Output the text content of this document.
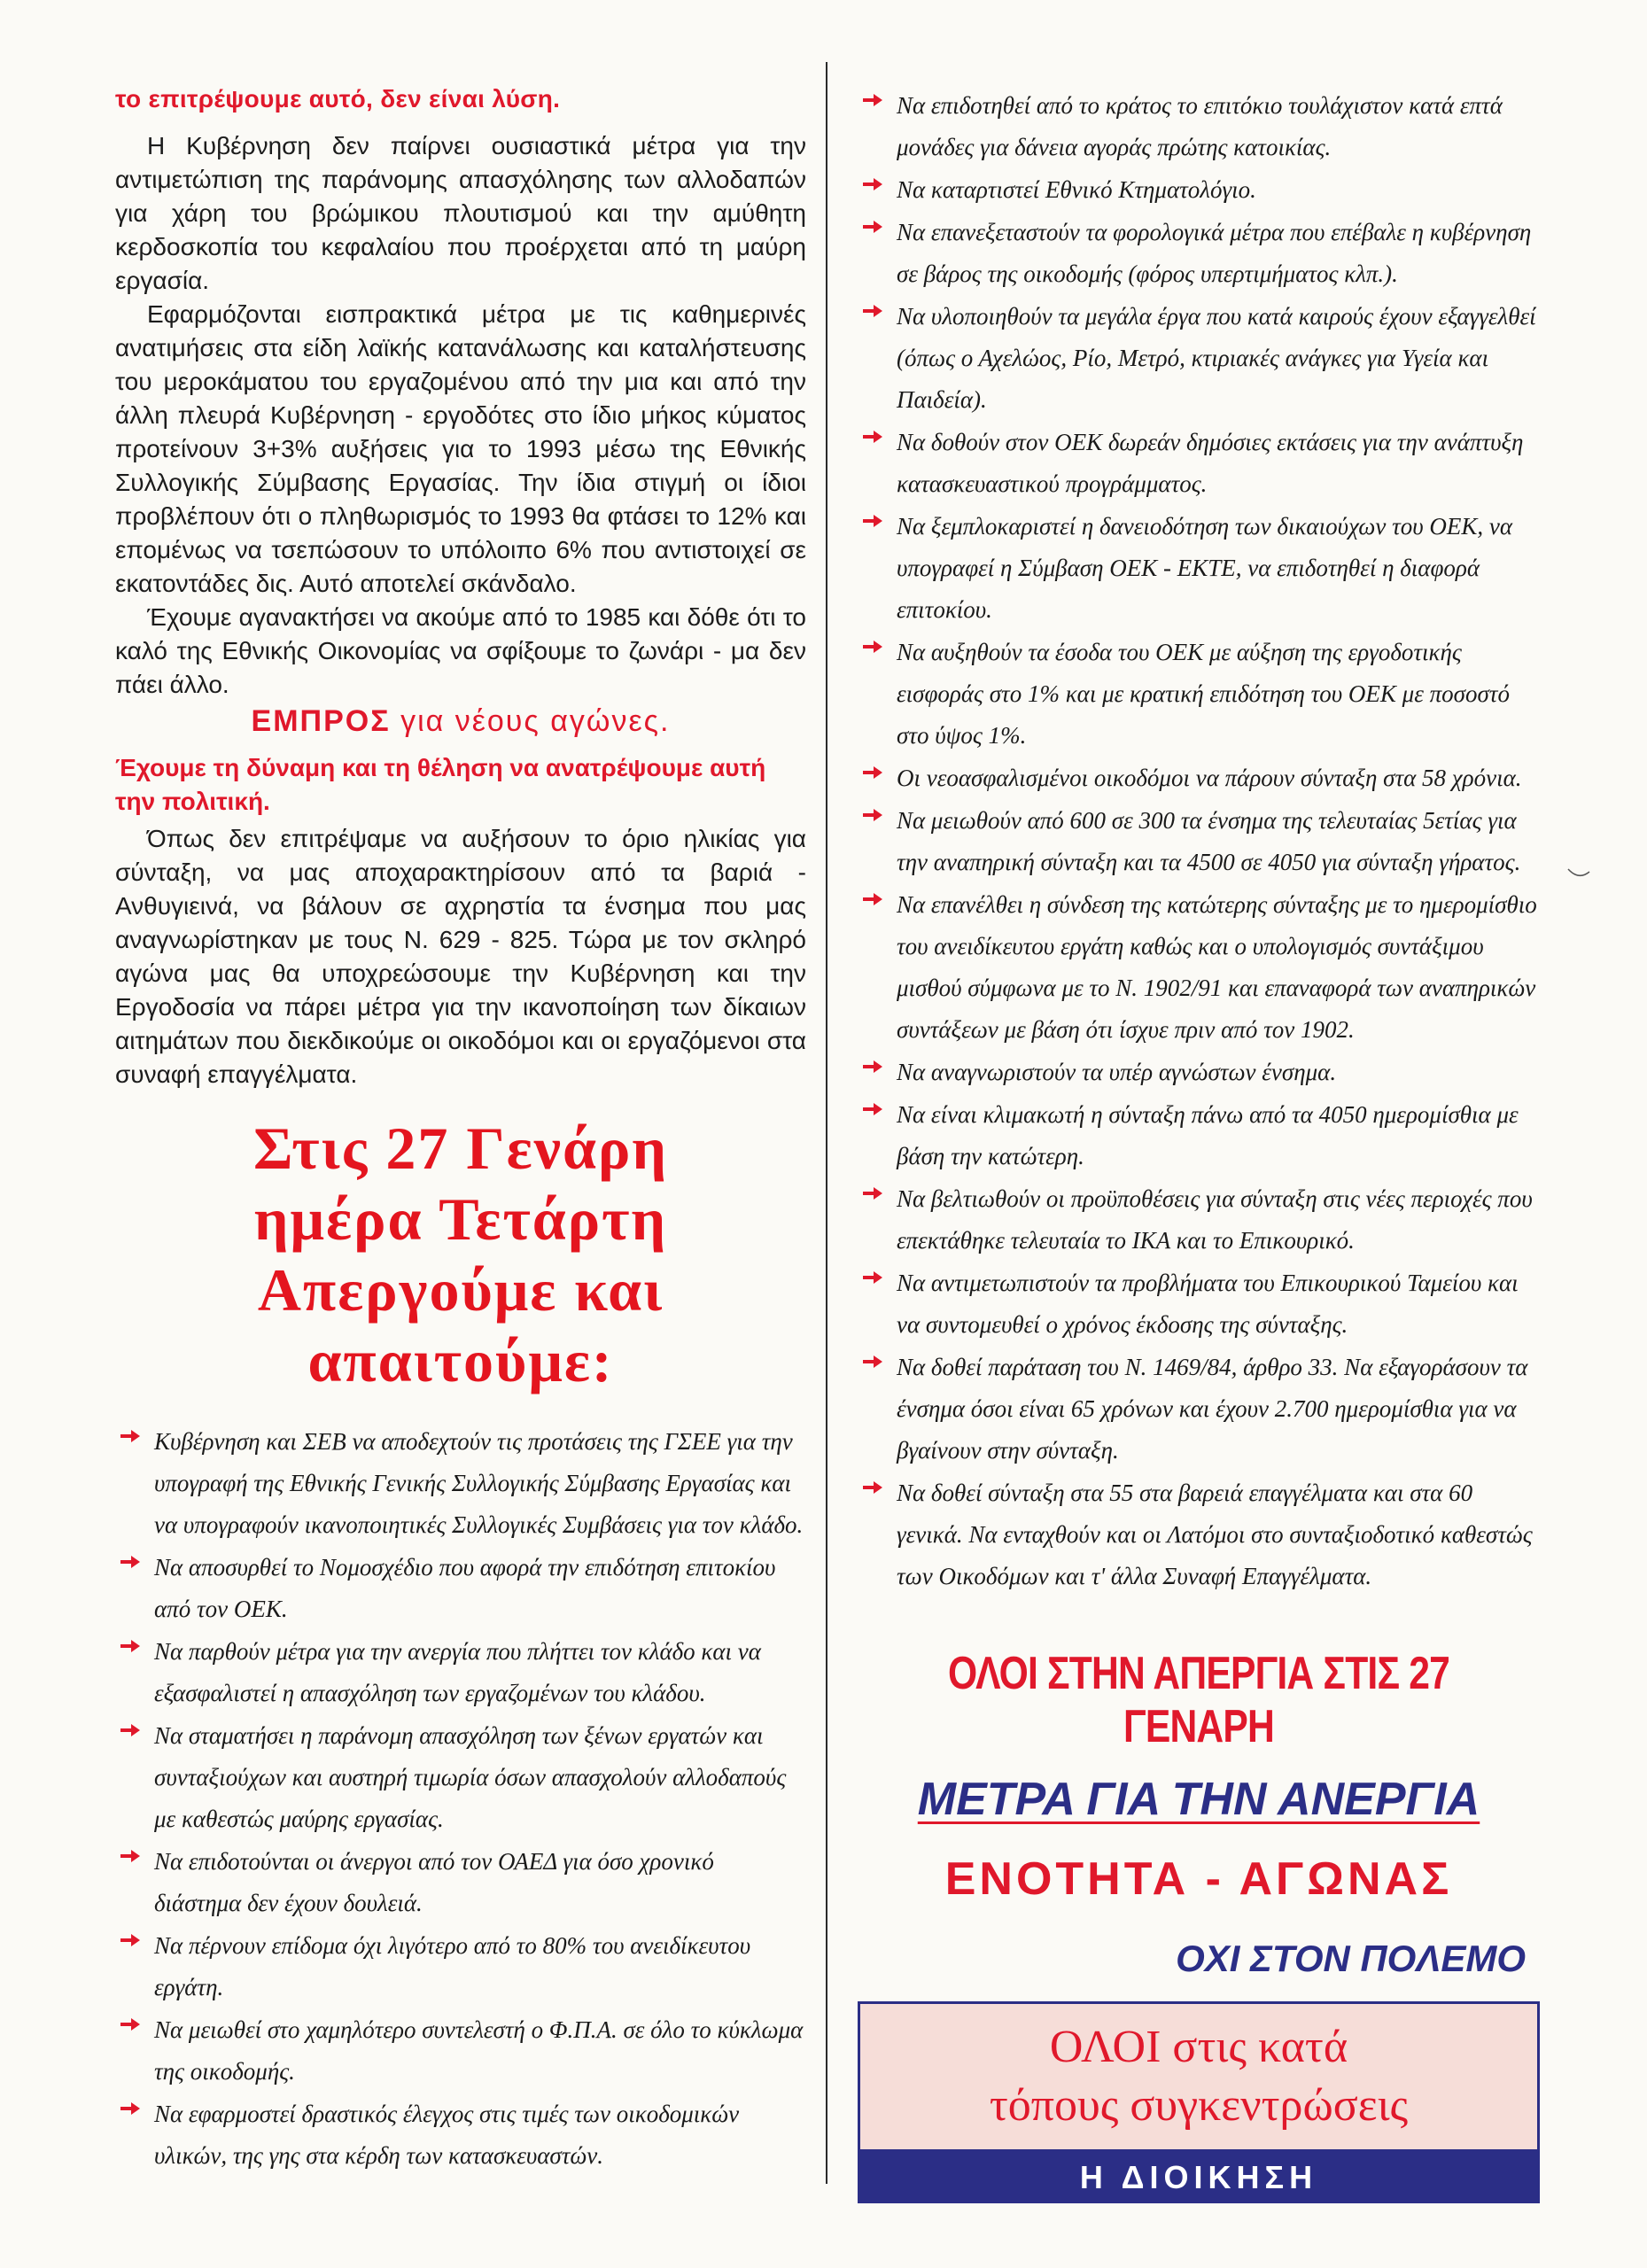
το επιτρέψουμε αυτό, δεν είναι λύση.

Η Κυβέρνηση δεν παίρνει ουσιαστικά μέτρα για την αντιμετώπιση της παράνομης απασχόλησης των αλλοδαπών για χάρη του βρώμικου πλουτισμού και την αμύθητη κερδοσκοπία του κεφαλαίου που προέρχεται από τη μαύρη εργασία.

Εφαρμόζονται εισπρακτικά μέτρα με τις καθημερινές ανατιμήσεις στα είδη λαϊκής κατανάλωσης και καταλήστευσης του μεροκάματου του εργαζομένου από την μια και από την άλλη πλευρά Κυβέρνηση - εργοδότες στο ίδιο μήκος κύματος προτείνουν 3+3% αυξήσεις για το 1993 μέσω της Εθνικής Συλλογικής Σύμβασης Εργασίας. Την ίδια στιγμή οι ίδιοι προβλέπουν ότι ο πληθωρισμός το 1993 θα φτάσει το 12% και επομένως να τσεπώσουν το υπόλοιπο 6% που αντιστοιχεί σε εκατοντάδες δις. Αυτό αποτελεί σκάνδαλο.

Έχουμε αγανακτήσει να ακούμε από το 1985 και δόθε ότι το καλό της Εθνικής Οικονομίας να σφίξουμε το ζωνάρι - μα δεν πάει άλλο.

ΕΜΠΡΟΣ για νέους αγώνες.

Έχουμε τη δύναμη και τη θέληση να ανατρέψουμε αυτή την πολιτική.

Όπως δεν επιτρέψαμε να αυξήσουν το όριο ηλικίας για σύνταξη, να μας αποχαρακτηρίσουν από τα βαριά - Ανθυγιεινά, να βάλουν σε αχρηστία τα ένσημα που μας αναγνωρίστηκαν με τους Ν. 629 - 825. Τώρα με τον σκληρό αγώνα μας θα υποχρεώσουμε την Κυβέρνηση και την Εργοδοσία να πάρει μέτρα για την ικανοποίηση των δίκαιων αιτημάτων που διεκδικούμε οι οικοδόμοι και οι εργαζόμενοι στα συναφή επαγγέλματα.

Στις 27 Γενάρη
ημέρα Τετάρτη
Απεργούμε και
απαιτούμε:
Κυβέρνηση και ΣΕΒ να αποδεχτούν τις προτάσεις της ΓΣΕΕ για την υπογραφή της Εθνικής Γενικής Συλλογικής Σύμβασης Εργασίας και να υπογραφούν ικανοποιητικές Συλλογικές Συμβάσεις για τον κλάδο.
Να αποσυρθεί το Νομοσχέδιο που αφορά την επιδότηση επιτοκίου από τον ΟΕΚ.
Να παρθούν μέτρα για την ανεργία που πλήττει τον κλάδο και να εξασφαλιστεί η απασχόληση των εργαζομένων του κλάδου.
Να σταματήσει η παράνομη απασχόληση των ξένων εργατών και συνταξιούχων και αυστηρή τιμωρία όσων απασχολούν αλλοδαπούς με καθεστώς μαύρης εργασίας.
Να επιδοτούνται οι άνεργοι από τον ΟΑΕΔ για όσο χρονικό διάστημα δεν έχουν δουλειά.
Να πέρνουν επίδομα όχι λιγότερο από το 80% του ανειδίκευτου εργάτη.
Να μειωθεί στο χαμηλότερο συντελεστή ο Φ.Π.Α. σε όλο το κύκλωμα της οικοδομής.
Να εφαρμοστεί δραστικός έλεγχος στις τιμές των οικοδομικών υλικών, της γης στα κέρδη των κατασκευαστών.
Να επιδοτηθεί από το κράτος το επιτόκιο τουλάχιστον κατά επτά μονάδες για δάνεια αγοράς πρώτης κατοικίας.
Να καταρτιστεί Εθνικό Κτηματολόγιο.
Να επανεξεταστούν τα φορολογικά μέτρα που επέβαλε η κυβέρνηση σε βάρος της οικοδομής (φόρος υπερτιμήματος κλπ.).
Να υλοποιηθούν τα μεγάλα έργα που κατά καιρούς έχουν εξαγγελθεί (όπως ο Αχελώος, Ρίο, Μετρό, κτιριακές ανάγκες για Υγεία και Παιδεία).
Να δοθούν στον ΟΕΚ δωρεάν δημόσιες εκτάσεις για την ανάπτυξη κατασκευαστικού προγράμματος.
Να ξεμπλοκαριστεί η δανειοδότηση των δικαιούχων του ΟΕΚ, να υπογραφεί η Σύμβαση ΟΕΚ - ΕΚΤΕ, να επιδοτηθεί η διαφορά επιτοκίου.
Να αυξηθούν τα έσοδα του ΟΕΚ με αύξηση της εργοδοτικής εισφοράς στο 1% και με κρατική επιδότηση του ΟΕΚ με ποσοστό στο ύψος 1%.
Οι νεοασφαλισμένοι οικοδόμοι να πάρουν σύνταξη στα 58 χρόνια.
Να μειωθούν από 600 σε 300 τα ένσημα της τελευταίας 5ετίας για την αναπηρική σύνταξη και τα 4500 σε 4050 για σύνταξη γήρατος.
Να επανέλθει η σύνδεση της κατώτερης σύνταξης με το ημερομίσθιο του ανειδίκευτου εργάτη καθώς και ο υπολογισμός συντάξιμου μισθού σύμφωνα με το Ν. 1902/91 και επαναφορά των αναπηρικών συντάξεων με βάση ότι ίσχυε πριν από τον 1902.
Να αναγνωριστούν τα υπέρ αγνώστων ένσημα.
Να είναι κλιμακωτή η σύνταξη πάνω από τα 4050 ημερομίσθια με βάση την κατώτερη.
Να βελτιωθούν οι προϋποθέσεις για σύνταξη στις νέες περιοχές που επεκτάθηκε τελευταία το ΙΚΑ και το Επικουρικό.
Να αντιμετωπιστούν τα προβλήματα του Επικουρικού Ταμείου και να συντομευθεί ο χρόνος έκδοσης της σύνταξης.
Να δοθεί παράταση του Ν. 1469/84, άρθρο 33. Να εξαγοράσουν τα ένσημα όσοι είναι 65 χρόνων και έχουν 2.700 ημερομίσθια για να βγαίνουν στην σύνταξη.
Να δοθεί σύνταξη στα 55 στα βαρειά επαγγέλματα και στα 60 γενικά. Να ενταχθούν και οι Λατόμοι στο συνταξιοδοτικό καθεστώς των Οικοδόμων και τ' άλλα Συναφή Επαγγέλματα.
ΟΛΟΙ ΣΤΗΝ ΑΠΕΡΓΙΑ ΣΤΙΣ 27 ΓΕΝΑΡΗ
ΜΕΤΡΑ ΓΙΑ ΤΗΝ ΑΝΕΡΓΙΑ
ΕΝΟΤΗΤΑ - ΑΓΩΝΑΣ
ΟΧΙ ΣΤΟΝ ΠΟΛΕΜΟ

ΟΛΟΙ στις κατά

τόπους συγκεντρώσεις

Η ΔΙΟΙΚΗΣΗ
